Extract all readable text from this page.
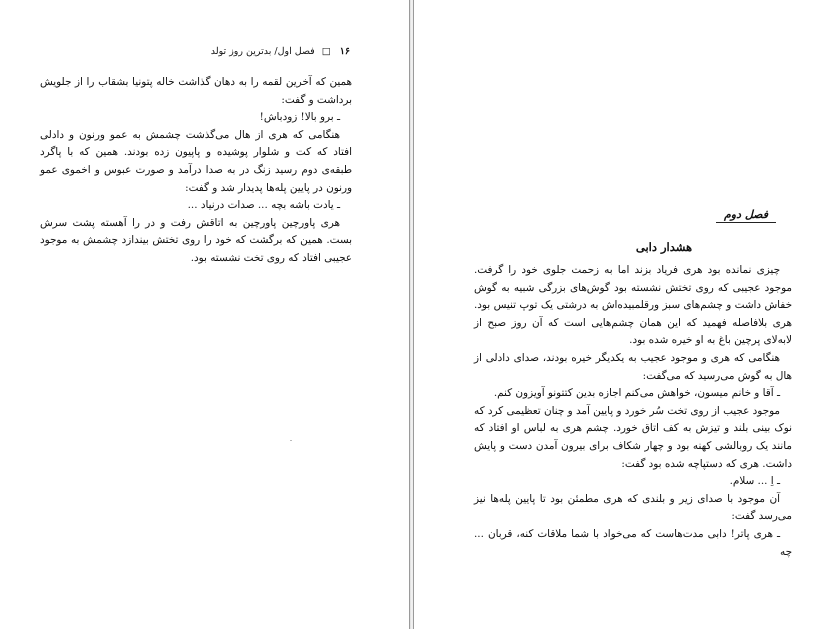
۱۶ □ فصل اول/ بدترین روز تولد

همین که آخرین لقمه را به دهان گذاشت خاله پتونیا بشقاب را از جلویش برداشت و گفت:

ـ برو بالا! زودباش!

هنگامی که هری از هال می‌گذشت چشمش به عمو ورنون و دادلی افتاد که کت و شلوار پوشیده و پاپیون زده بودند. همین که با پاگرد طبقه‌ی دوم رسید زنگ در به صدا درآمد و صورت عبوس و اخموی عمو ورنون در پایین پله‌ها پدیدار شد و گفت:

ـ یادت باشه بچه ... صدات درنیاد ...

هری پاورچین پاورچین به اتاقش رفت و در را آهسته پشت سرش بست. همین که برگشت که خود را روی تختش بیندازد چشمش به موجود عجیبی افتاد که روی تخت نشسته بود.

فصل دوم
هشدار دابی

چیزی نمانده بود هری فریاد بزند اما به زحمت جلوی خود را گرفت. موجود عجیبی که روی تختش نشسته بود گوش‌های بزرگی شبیه به گوش خفاش داشت و چشم‌های سبز ورقلمبیده‌اش به درشتی یک توپ تنیس بود. هری بلافاصله فهمید که این همان چشم‌هایی است که آن روز صبح از لابه‌لای پرچین باغ به او خیره شده بود.

هنگامی که هری و موجود عجیب به یکدیگر خیره بودند، صدای دادلی از هال به گوش می‌رسید که می‌گفت:

ـ آقا و خانم میسون، خواهش می‌کنم اجازه بدین کتتونو آویزون کنم.

موجود عجیب از روی تخت سُر خورد و پایین آمد و چنان تعظیمی کرد که نوک بینی بلند و تیزش به کف اتاق خورد. چشم هری به لباس او افتاد که مانند یک روبالشی کهنه بود و چهار شکاف برای بیرون آمدن دست و پایش داشت. هری که دستپاچه شده بود گفت:

ـ اِ ... سلام.

آن موجود با صدای زیر و بلندی که هری مطمئن بود تا پایین پله‌ها نیز می‌رسد گفت:

ـ هری پاتر! دابی مدت‌هاست که می‌خواد با شما ملاقات کنه، قربان ... چه
